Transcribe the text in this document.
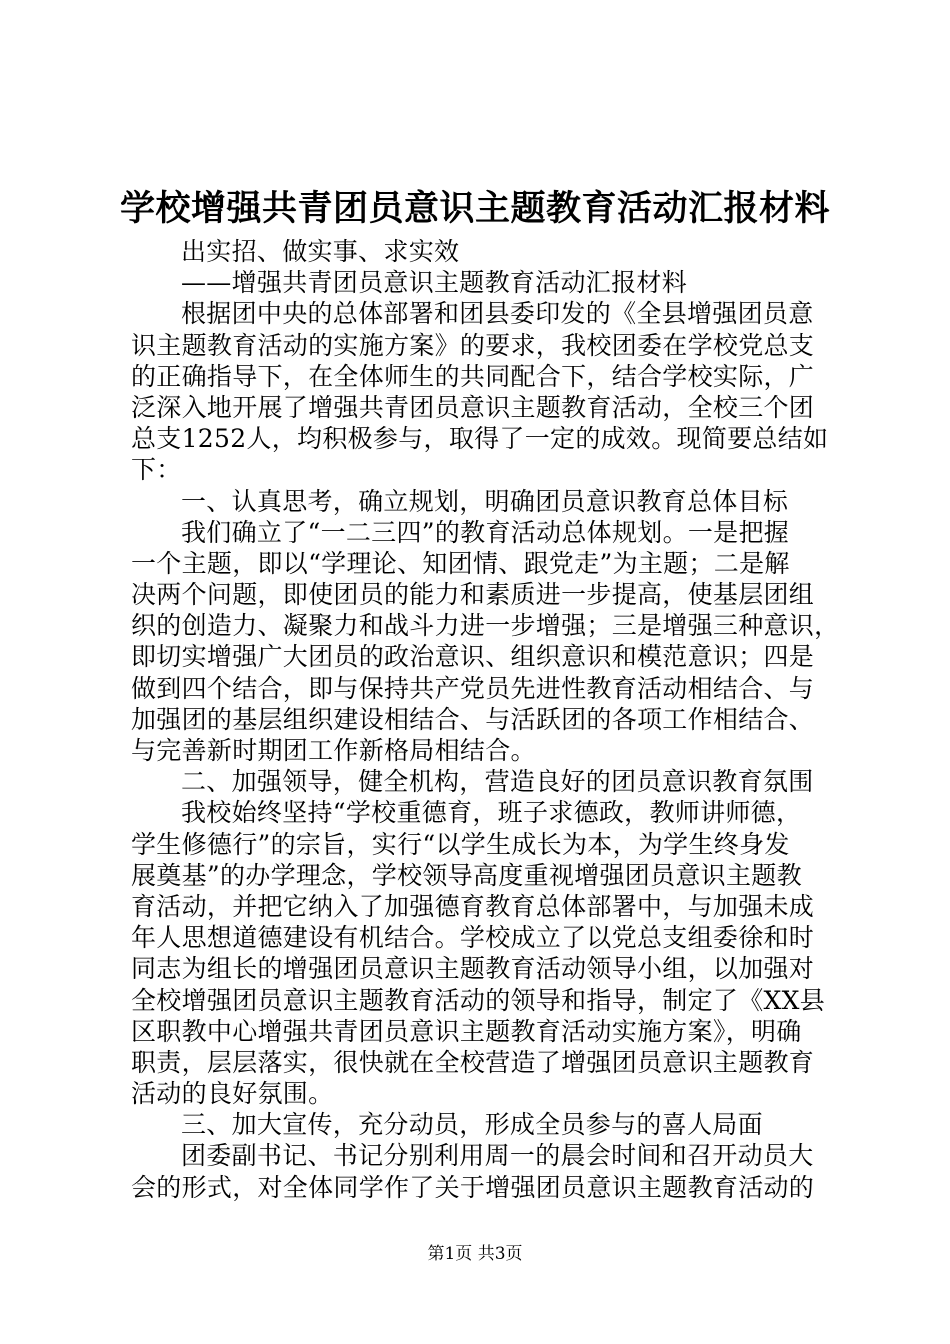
学校增强共青团员意识主题教育活动汇报材料

出实招、做实事、求实效

——增强共青团员意识主题教育活动汇报材料

根据团中央的总体部署和团县委印发的《全县增强团员意

识主题教育活动的实施方案》的要求，我校团委在学校党总支

的正确指导下，在全体师生的共同配合下，结合学校实际，广

泛深入地开展了增强共青团员意识主题教育活动，全校三个团

总支1252人，均积极参与，取得了一定的成效。现简要总结如

下：

一、认真思考，确立规划，明确团员意识教育总体目标

我们确立了“一二三四”的教育活动总体规划。一是把握

一个主题，即以“学理论、知团情、跟党走”为主题；二是解

决两个问题，即使团员的能力和素质进一步提高，使基层团组

织的创造力、凝聚力和战斗力进一步增强；三是增强三种意识，

即切实增强广大团员的政治意识、组织意识和模范意识；四是

做到四个结合，即与保持共产党员先进性教育活动相结合、与

加强团的基层组织建设相结合、与活跃团的各项工作相结合、

与完善新时期团工作新格局相结合。

二、加强领导，健全机构，营造良好的团员意识教育氛围

我校始终坚持“学校重德育，班子求德政，教师讲师德，

学生修德行”的宗旨，实行“以学生成长为本，为学生终身发

展奠基”的办学理念，学校领导高度重视增强团员意识主题教

育活动，并把它纳入了加强德育教育总体部署中，与加强未成

年人思想道德建设有机结合。学校成立了以党总支组委徐和时

同志为组长的增强团员意识主题教育活动领导小组，以加强对

全校增强团员意识主题教育活动的领导和指导，制定了《XX县

区职教中心增强共青团员意识主题教育活动实施方案》，明确

职责，层层落实，很快就在全校营造了增强团员意识主题教育

活动的良好氛围。

三、加大宣传，充分动员，形成全员参与的喜人局面

团委副书记、书记分别利用周一的晨会时间和召开动员大

会的形式，对全体同学作了关于增强团员意识主题教育活动的

第1页 共3页
